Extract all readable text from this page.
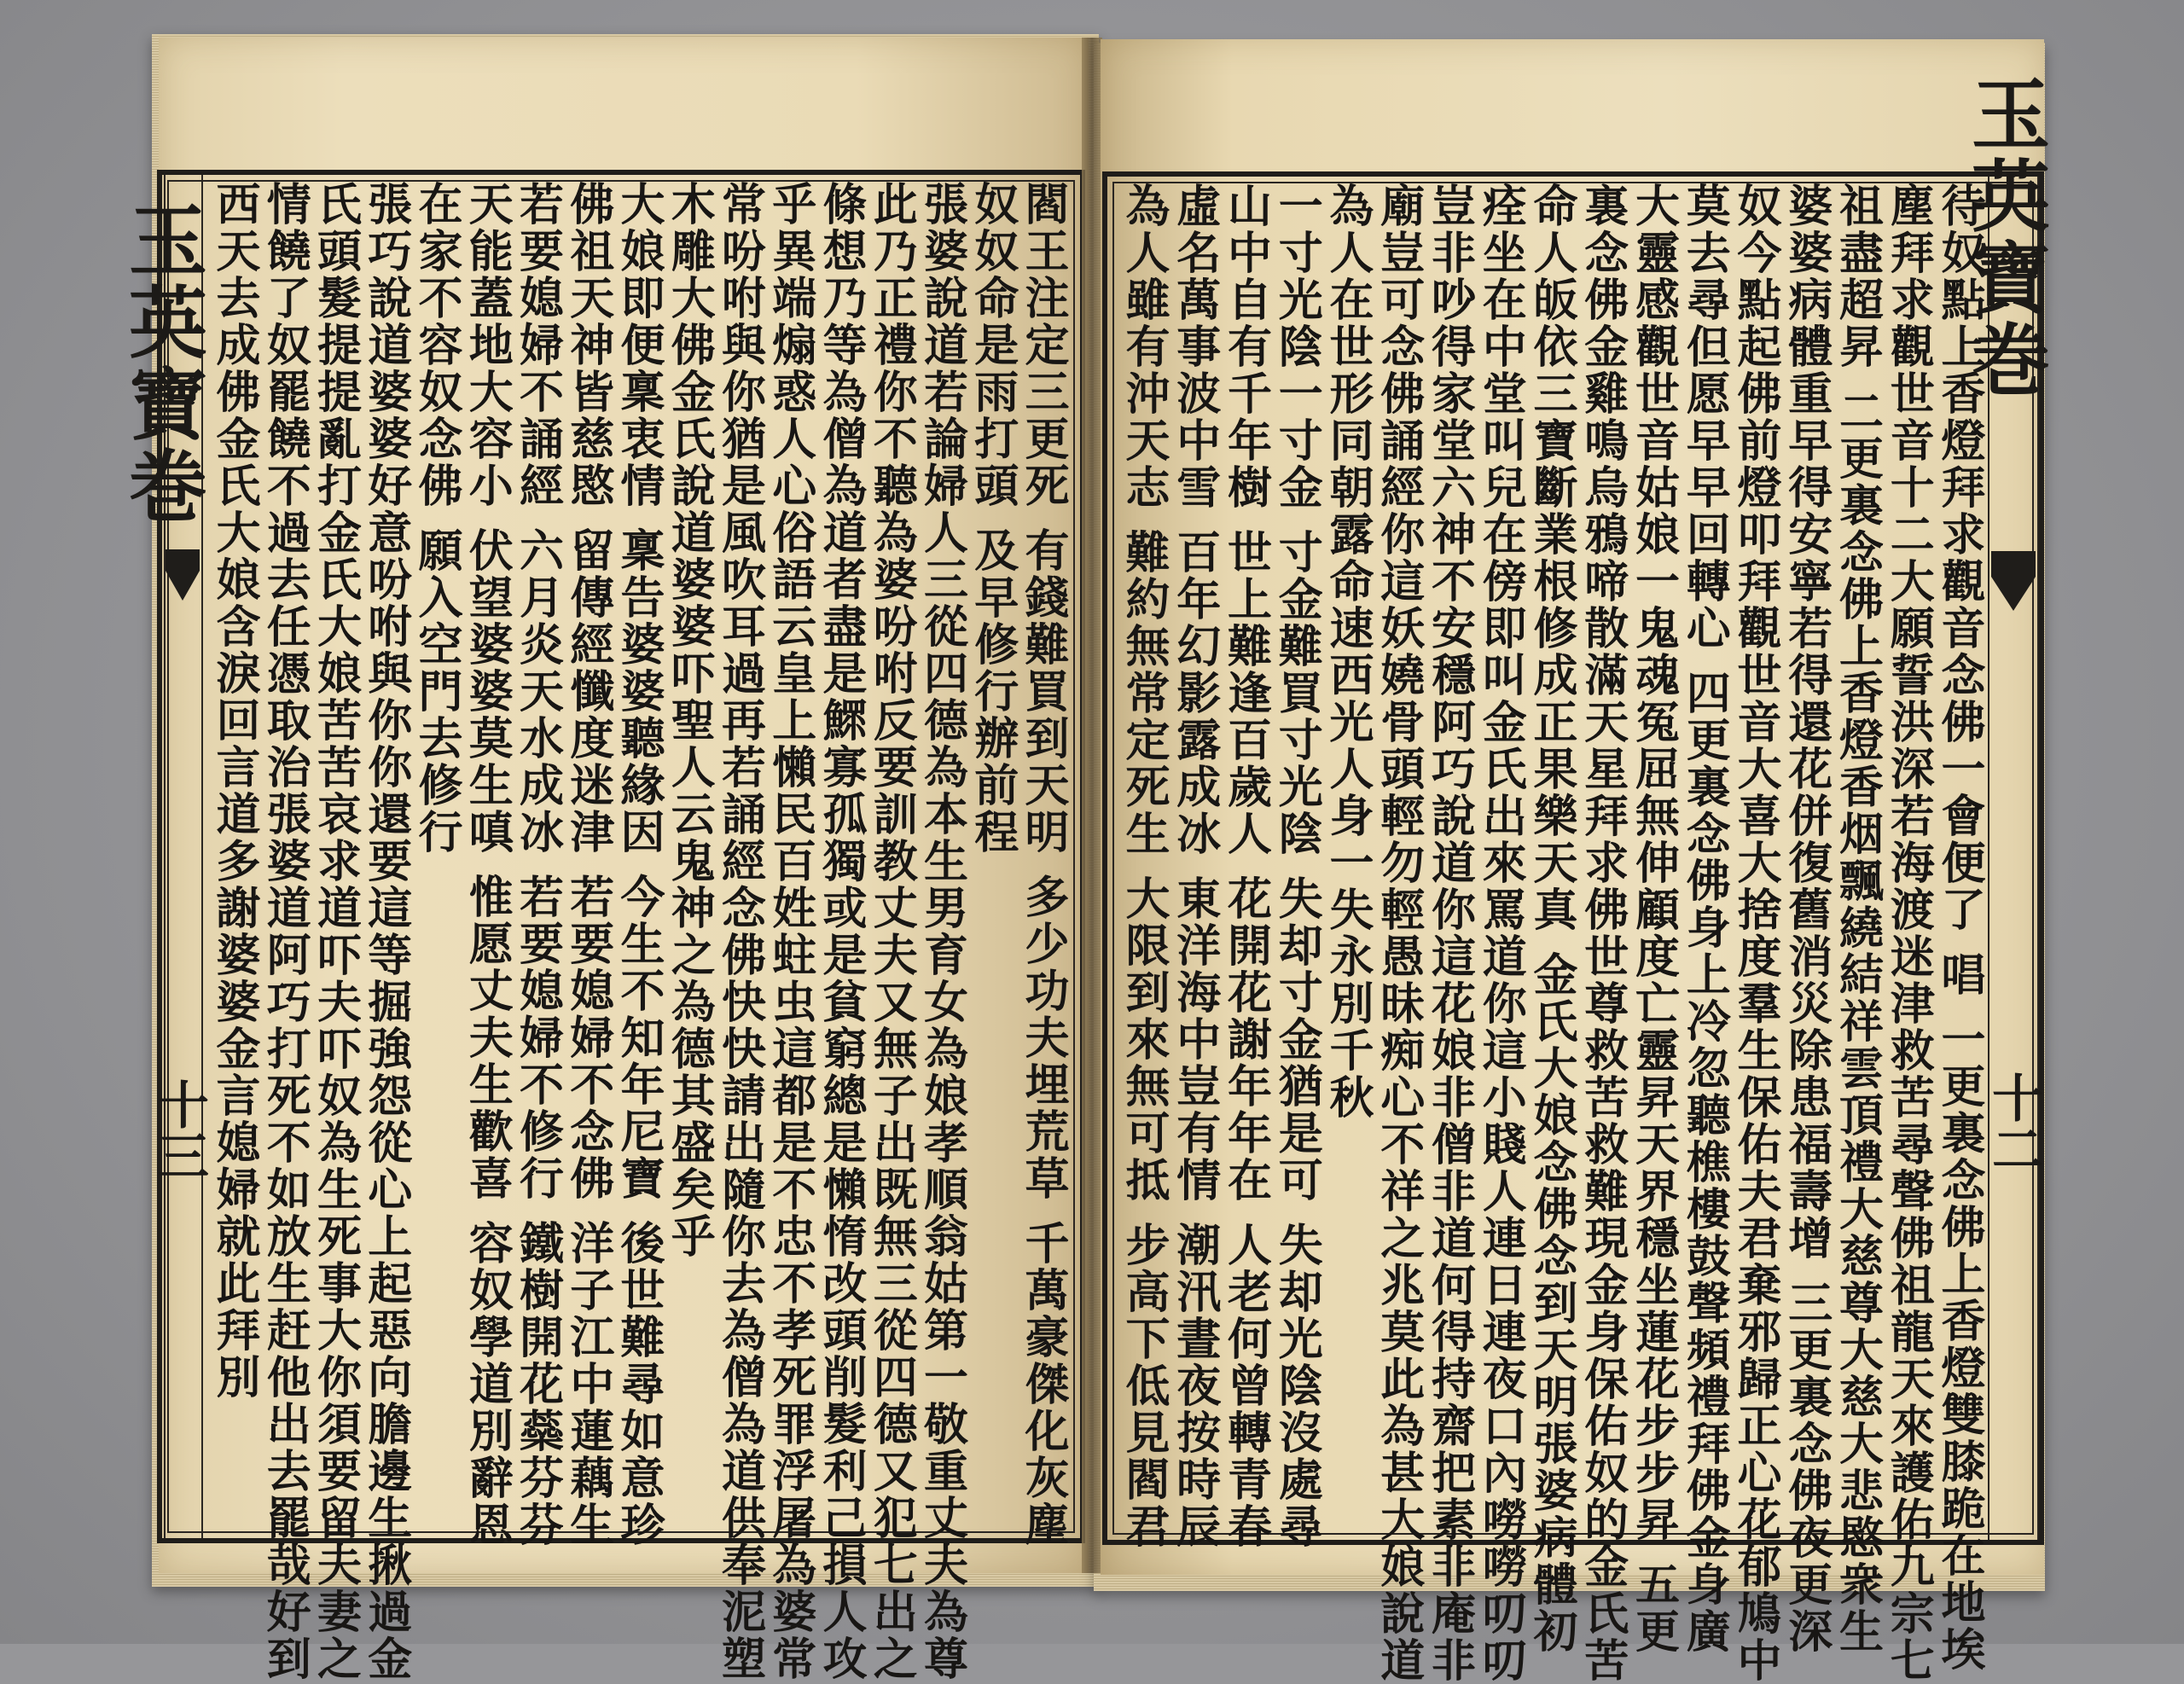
玉英寶巻
十三	閻王注定三更死 有錢難買到天明 多少功夫埋荒草 千萬豪傑化灰塵
奴奴命是雨打頭 及早修行辦前程
張婆說道若論婦人三從四德為本生男育女為娘孝順翁姑第一敬重丈夫為尊
此乃正禮你不聽為婆吩咐反要訓教丈夫又無子出既無三從四德又犯七出之
條想乃等為僧為道者盡是鰥寡孤獨或是貧窮總是懶惰改頭削髮利己損人攻
乎異端煽惑人心俗語云皇上懶民百姓蛀虫這都是不忠不孝死罪浮屠為婆常
常吩咐與你猶是風吹耳過再若誦經念佛快快請出隨你去為僧為道供奉泥塑
木雕大佛金氏說道婆婆吓聖人云鬼神之為德其盛矣乎
大娘即便稟衷情 稟告婆婆聽緣因 今生不知年尼寶 後世難尋如意珍
佛祖天神皆慈愍 留傳經懺度迷津 若要媳婦不念佛 洋子江中蓮藕生
若要媳婦不誦經 六月炎天水成冰 若要媳婦不修行 鐵樹開花蘂芬芬
天能蓋地大容小 伏望婆婆莫生嗔 惟愿丈夫生歡喜 容奴學道別辭恩
在家不容奴念佛 願入空門去修行
張巧說道婆婆好意吩咐與你你還要這等掘強怨從心上起惡向膽邊生揪過金
氏頭髮提提亂打金氏大娘苦苦哀求道吓夫吓奴為生死事大你須要留夫妻之
情饒了奴罷饒不過去任憑取治張婆道阿巧打死不如放生赶他出去罷哉好到
西天去成佛金氏大娘含淚回言道多謝婆婆金言媳婦就此拜別	玉英寶巻
十二
待奴點上香燈拜求觀音念佛一會便了 唱 一更裏念佛上香燈雙膝跪在地埃
塵拜求觀世音十二大願誓洪深若海渡迷津救苦尋聲佛祖龍天來護佑九宗七
祖盡超昇 二更裏念佛上香燈香烟飄繞結祥雲頂禮大慈尊大慈大悲愍衆生
婆婆病體重早得安寧若得還花併復舊消災除患福壽增 三更裏念佛夜更深
奴今點起佛前燈叩拜觀世音大喜大捨度羣生保佑夫君棄邪歸正心花郁鳩中
莫去尋但愿早早回轉心 四更裏念佛身上冷忽聽樵樓鼓聲頻禮拜佛金身廣
大靈感觀世音姑娘一鬼魂冤屈無伸顧度亡靈昇天界穩坐蓮花步步昇 五更
裏念佛金雞鳴烏鴉啼散滿天星拜求佛世尊救苦救難現金身保佑奴的金氏苦
命人皈依三寶斷業根修成正果樂天真 金氏大娘念佛念到天明張婆病體初
痊坐在中堂叫兒在傍即叫金氏出來罵道你這小賤人連日連夜口內嘮嘮叨叨
豈非吵得家堂六神不安穩阿巧說道你這花娘非僧非道何得持齋把素非庵非
廟豈可念佛誦經你這妖嬈骨頭輕勿輕愚昧痴心不祥之兆莫此為甚大娘說道
為人在世形同朝露命速西光人身一失永別千秋
一寸光陰一寸金 寸金難買寸光陰 失却寸金猶是可 失却光陰沒處尋
山中自有千年樹 世上難逢百歲人 花開花謝年年在 人老何曾轉青春
虛名萬事波中雪 百年幻影露成冰 東洋海中豈有情 潮汛晝夜按時辰
為人雖有沖天志 難約無常定死生 大限到來無可抵 步高下低見閻君
